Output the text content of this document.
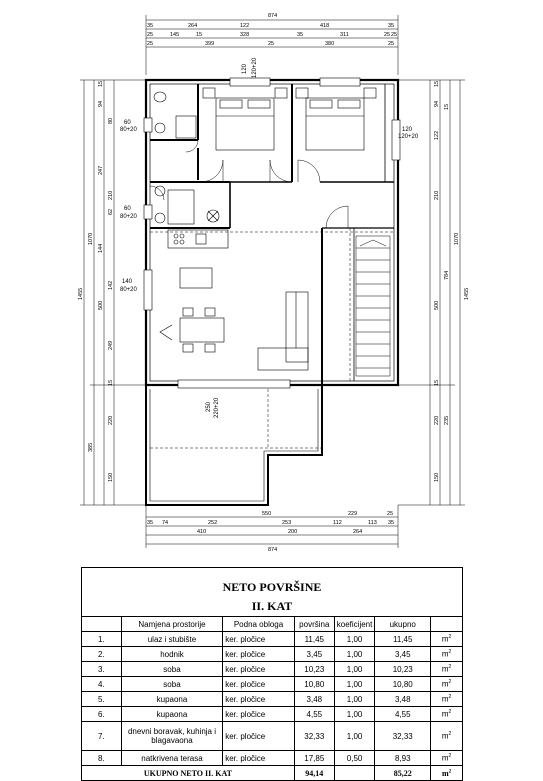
874
35	264	122	418	35
25	145	15	328	35	311	25 25
25	399	25	380	25
1455
1070
385
15
94
80
247
210
62
144
142
500
249
15
220
150
15
94
122
210
500
15
220 235
150
15
1070
784
1455
550	229	25
35 74	252	253	112	113 35
410	200	264
874
60
80+20
60
80+20
140
80+20
120 120+20
120
120+20
250 220+20
NETO POVRŠINE						
II. KAT						
	Namjena prostorije	Podna obloga	površina	koeficijent	ukupno	
1.	ulaz i stubište	ker. pločice	11,45	1,00	11,45	$m^2$
2.	hodnik	ker. pločice	3,45	1,00	3,45	$m^2$
3.	soba	ker. pločice	10,23	1,00	10,23	$m^2$
4.	soba	ker. pločice	10,80	1,00	10,80	$m^2$
5.	kupaona	ker. pločice	3,48	1,00	3,48	$m^2$
6.	kupaona	ker. pločice	4,55	1,00	4,55	$m^2$
7.	dnevni boravak, kuhinja i blagavaonа	ker. pločice	32,33	1,00	32,33	$m^2$
8.	natkrivena terasa	ker. pločice	17,85	0,50	8,93	$m^2$
UKUPNO NETO II. KAT			94,14		85,22	$m^2$
